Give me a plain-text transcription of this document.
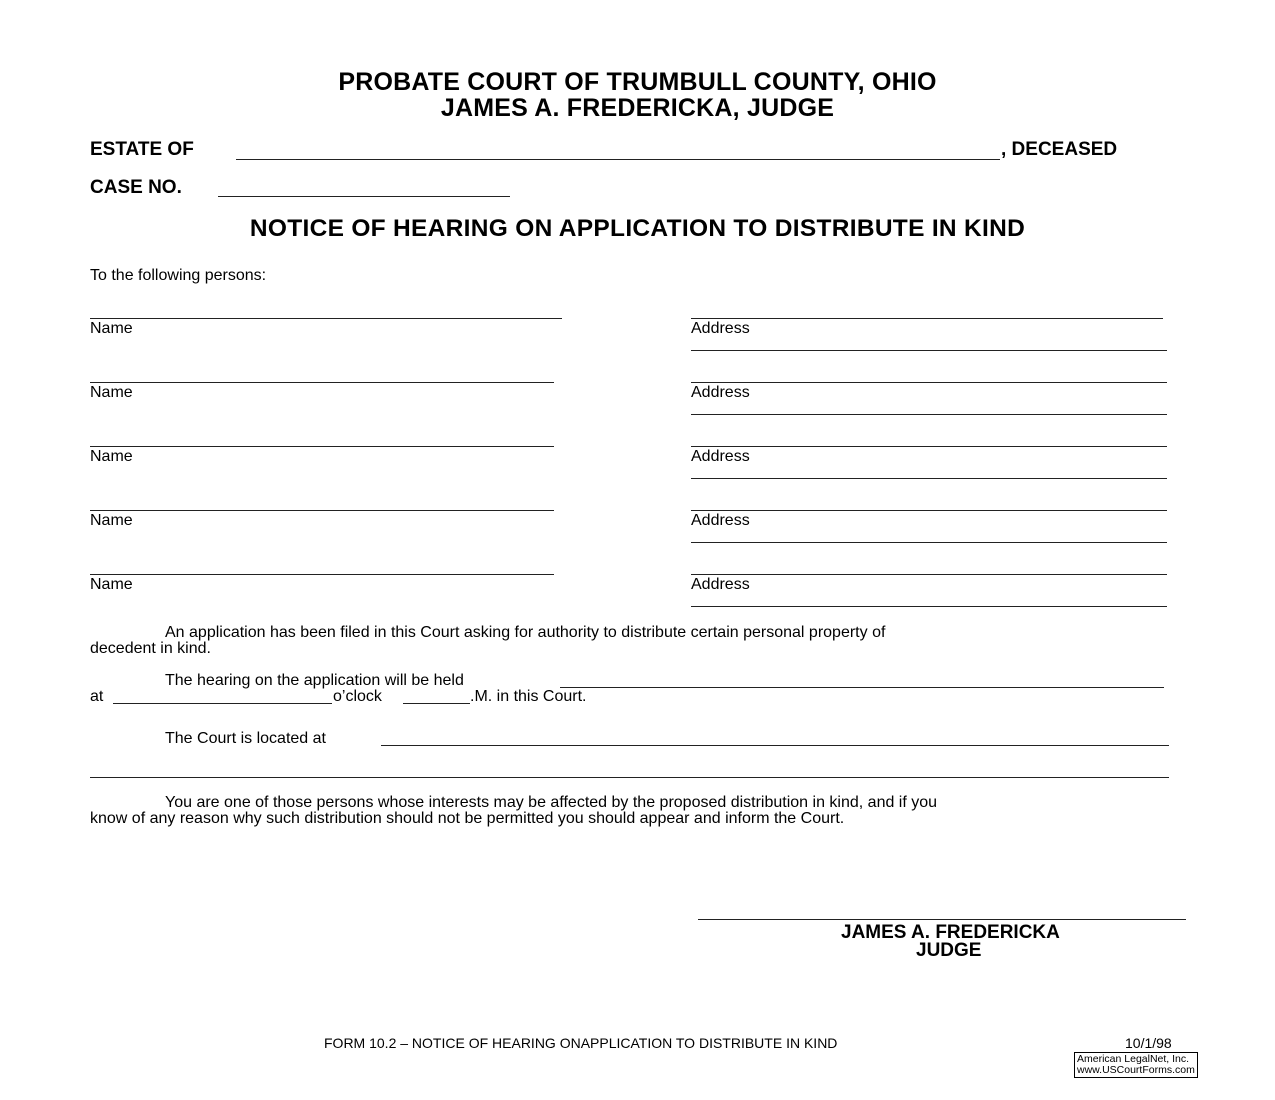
PROBATE COURT OF TRUMBULL COUNTY, OHIO
JAMES A. FREDERICKA, JUDGE
ESTATE OF	, DECEASED
CASE NO.
NOTICE OF HEARING ON APPLICATION TO DISTRIBUTE IN KIND
To the following persons:
Name	Address
Name	Address
Name	Address
Name	Address
Name	Address
An application has been filed in this Court asking for authority to distribute certain personal property of
decedent in kind.
The hearing on the application will be held
at	o’clock	.M. in this Court.
The Court is located at
You are one of those persons whose interests may be affected by the proposed distribution in kind, and if you
know of any reason why such distribution should not be permitted you should appear and inform the Court.
JAMES A. FREDERICKA
JUDGE
FORM 10.2 – NOTICE OF HEARING ONAPPLICATION TO DISTRIBUTE IN KIND	10/1/98
American LegalNet, Inc.
www.USCourtForms.com
